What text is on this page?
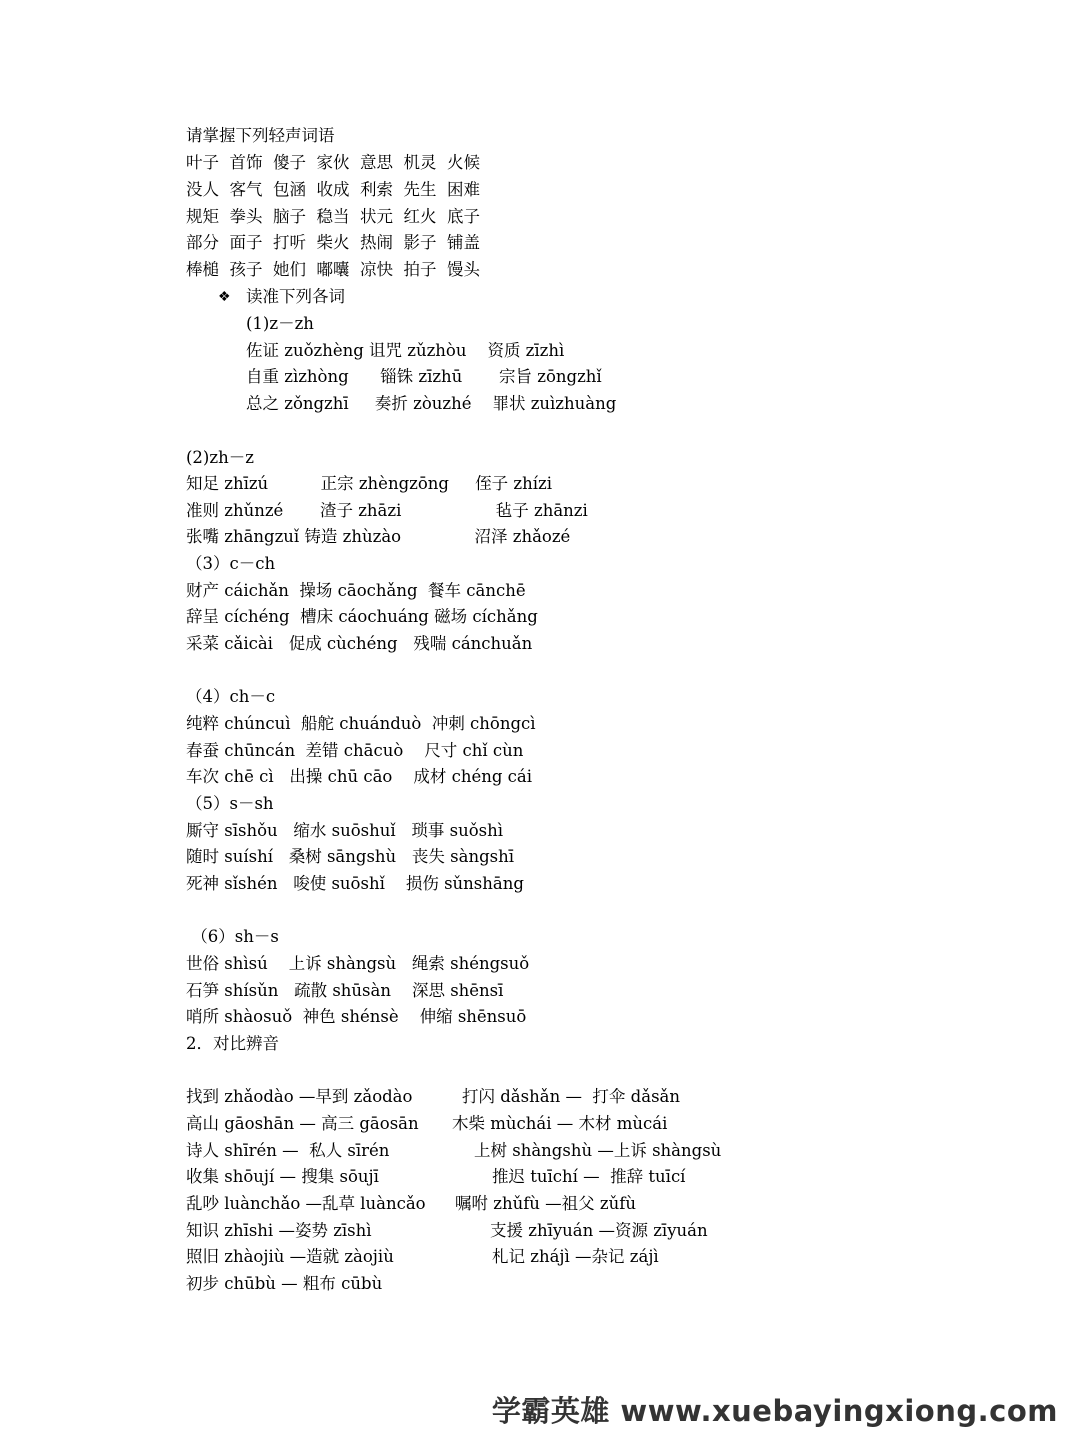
请掌握下列轻声词语
叶子  首饰  傻子  家伙  意思  机灵  火候
没人  客气  包涵  收成  利索  先生  困难
规矩  拳头  脑子  稳当  状元  红火  底子
部分  面子  打听  柴火  热闹  影子  铺盖
棒槌  孩子  她们  嘟囔  凉快  拍子  馒头
❖ 读准下列各词
(1)z－zh
佐证 zuǒzhèng 诅咒 zǔzhòu    资质 zīzhì
自重 zìzhòng      锱铢 zīzhū       宗旨 zōngzhǐ
总之 zǒngzhī     奏折 zòuzhé    罪状 zuìzhuàng
(2)zh－z
知足 zhīzú          正宗 zhèngzōng     侄子 zhízi
准则 zhǔnzé       渣子 zhāzi                  毡子 zhānzi
张嘴 zhāngzuǐ 铸造 zhùzào              沼泽 zhǎozé
（3）c－ch
财产 cáichǎn  操场 cāochǎng  餐车 cānchē
辞呈 cíchéng  槽床 cáochuáng 磁场 cíchǎng
采菜 cǎicài   促成 cùchéng   残喘 cánchuǎn
（4）ch－c
纯粹 chúncuì  船舵 chuánduò  冲刺 chōngcì
春蚕 chūncán  差错 chācuò    尺寸 chǐ cùn
车次 chē cì   出操 chū cāo    成材 chéng cái
（5）s－sh
厮守 sīshǒu   缩水 suōshuǐ   琐事 suǒshì
随时 suíshí   桑树 sāngshù   丧失 sàngshī
死神 sǐshén   唆使 suōshǐ    损伤 sǔnshāng
（6）sh－s
世俗 shìsú    上诉 shàngsù   绳索 shéngsuǒ
石笋 shísǔn   疏散 shūsàn    深思 shēnsī
哨所 shàosuǒ  神色 shénsè    伸缩 shēnsuō
2．对比辨音
找到 zhǎodào —早到 zǎodào
高山 gāoshān — 高三 gāosān
诗人 shīrén —  私人 sīrén
收集 shōují — 搜集 sōujī
乱吵 luànchǎo —乱草 luàncǎo
知识 zhīshi —姿势 zīshì
照旧 zhàojiù —造就 zàojiù
初步 chūbù — 粗布 cūbù
打闪 dǎshǎn —  打伞 dǎsǎn
木柴 mùchái — 木材 mùcái
上树 shàngshù —上诉 shàngsù
推迟 tuīchí —  推辞 tuīcí
嘱咐 zhǔfù —祖父 zǔfù
支援 zhīyuán —资源 zīyuán
札记 zhájì —杂记 zájì
学霸英雄 www.xuebayingxiong.com
